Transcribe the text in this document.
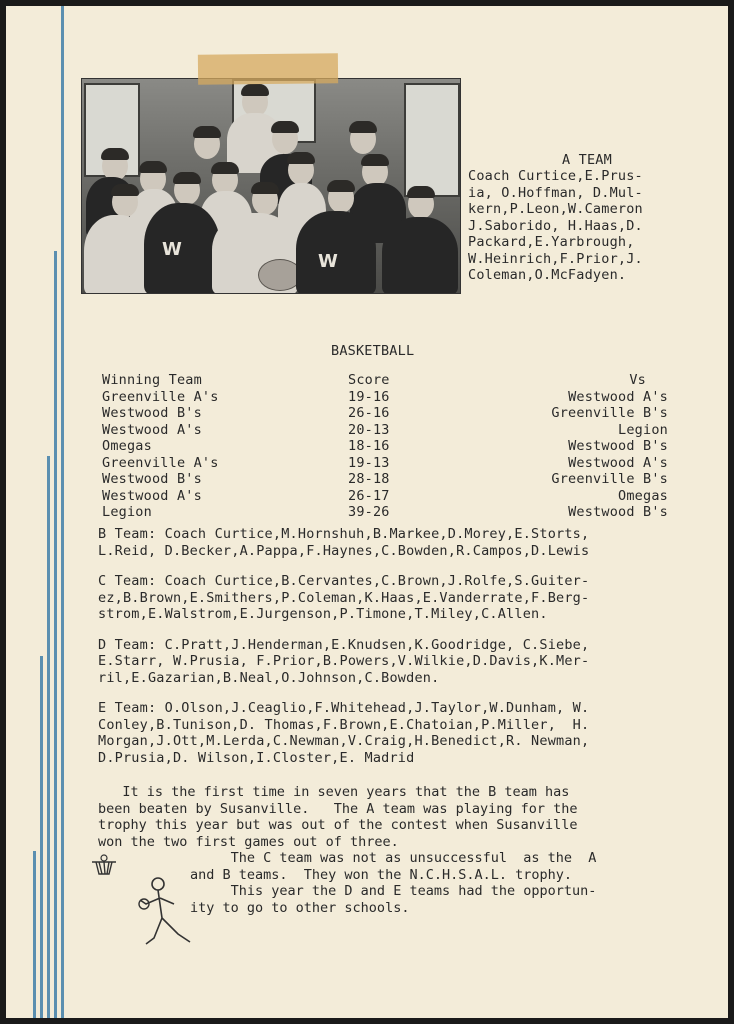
W
W
A TEAM
Coach Curtice,E.Prus-
ia, O.Hoffman, D.Mul-
kern,P.Leon,W.Cameron
J.Saborido, H.Haas,D.
Packard,E.Yarbrough,
W.Heinrich,F.Prior,J.
Coleman,O.McFadyen.
BASKETBALL
Winning Team
Greenville A's
Westwood B's
Westwood A's
Omegas
Greenville A's
Westwood B's
Westwood A's
Legion
Score
19-16
26-16
20-13
18-16
19-13
28-18
26-17
39-26
Vs
Westwood A's
Greenville B's
Legion
Westwood B's
Westwood A's
Greenville B's
Omegas
Westwood B's
B Team: Coach Curtice,M.Hornshuh,B.Markee,D.Morey,E.Storts,
L.Reid, D.Becker,A.Pappa,F.Haynes,C.Bowden,R.Campos,D.Lewis
C Team: Coach Curtice,B.Cervantes,C.Brown,J.Rolfe,S.Guiter-
ez,B.Brown,E.Smithers,P.Coleman,K.Haas,E.Vanderrate,F.Berg-
strom,E.Walstrom,E.Jurgenson,P.Timone,T.Miley,C.Allen.
D Team: C.Pratt,J.Henderman,E.Knudsen,K.Goodridge, C.Siebe,
E.Starr, W.Prusia, F.Prior,B.Powers,V.Wilkie,D.Davis,K.Mer-
ril,E.Gazarian,B.Neal,O.Johnson,C.Bowden.
E Team: O.Olson,J.Ceaglio,F.Whitehead,J.Taylor,W.Dunham, W.
Conley,B.Tunison,D. Thomas,F.Brown,E.Chatoian,P.Miller,  H.
Morgan,J.Ott,M.Lerda,C.Newman,V.Craig,H.Benedict,R. Newman,
D.Prusia,D. Wilson,I.Closter,E. Madrid
It is the first time in seven years that the B team has
been beaten by Susanville.   The A team was playing for the
trophy this year but was out of the contest when Susanville
won the two first games out of three.
The C team was not as unsuccessful  as the  A
and B teams.  They won the N.C.H.S.A.L. trophy.
This year the D and E teams had the opportun-
ity to go to other schools.
